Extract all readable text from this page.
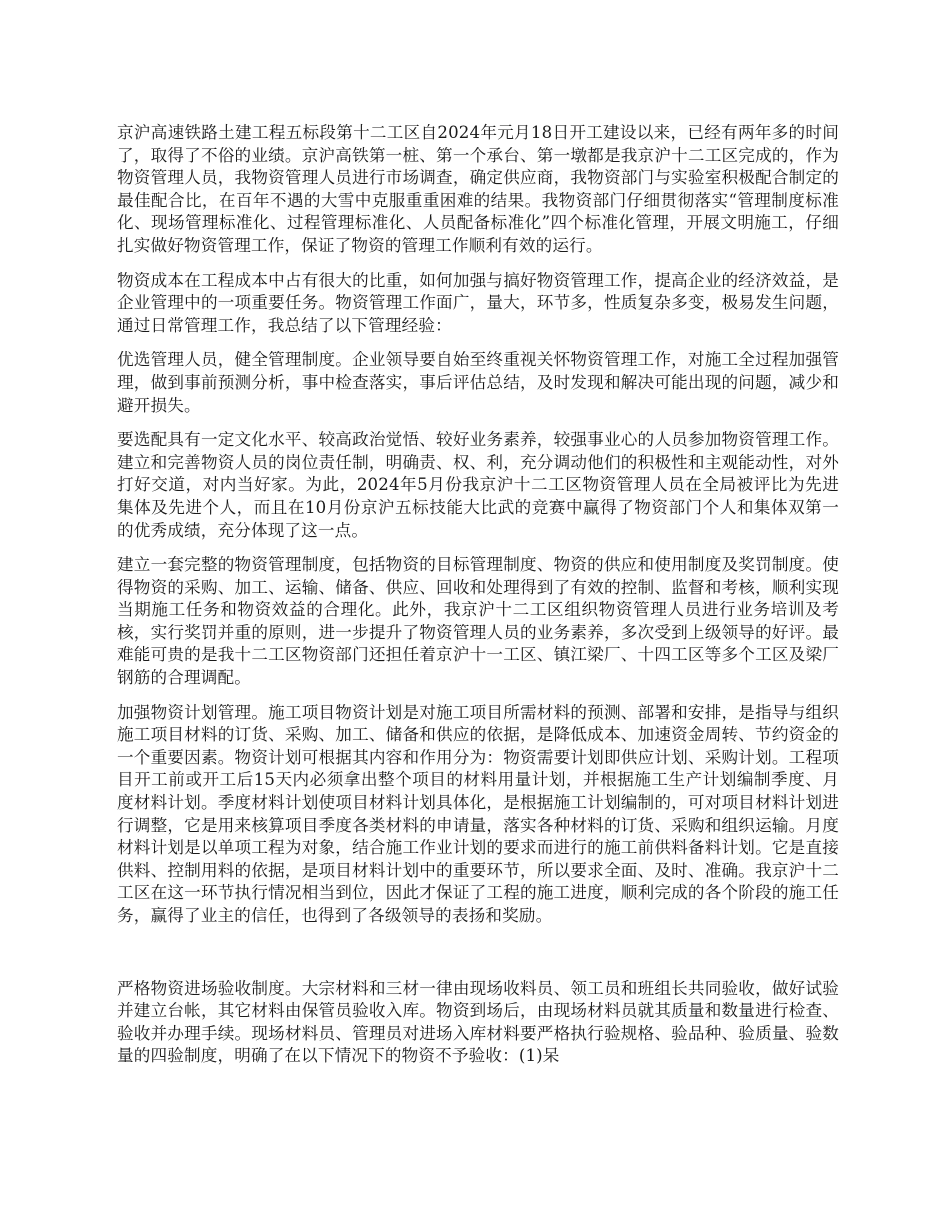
京沪高速铁路土建工程五标段第十二工区自2024年元月18日开工建设以来，已经有两年多的时间了，取得了不俗的业绩。京沪高铁第一桩、第一个承台、第一墩都是我京沪十二工区完成的，作为物资管理人员，我物资管理人员进行市场调查，确定供应商，我物资部门与实验室积极配合制定的最佳配合比，在百年不遇的大雪中克服重重困难的结果。我物资部门仔细贯彻落实“管理制度标准化、现场管理标准化、过程管理标准化、人员配备标准化”四个标准化管理，开展文明施工，仔细扎实做好物资管理工作，保证了物资的管理工作顺利有效的运行。

物资成本在工程成本中占有很大的比重，如何加强与搞好物资管理工作，提高企业的经济效益，是企业管理中的一项重要任务。物资管理工作面广，量大，环节多，性质复杂多变，极易发生问题，通过日常管理工作，我总结了以下管理经验：

优选管理人员，健全管理制度。企业领导要自始至终重视关怀物资管理工作，对施工全过程加强管理，做到事前预测分析，事中检查落实，事后评估总结，及时发现和解决可能出现的问题，减少和避开损失。

要选配具有一定文化水平、较高政治觉悟、较好业务素养，较强事业心的人员参加物资管理工作。建立和完善物资人员的岗位责任制，明确责、权、利，充分调动他们的积极性和主观能动性，对外打好交道，对内当好家。为此，2024年5月份我京沪十二工区物资管理人员在全局被评比为先进集体及先进个人，而且在10月份京沪五标技能大比武的竞赛中赢得了物资部门个人和集体双第一的优秀成绩，充分体现了这一点。

建立一套完整的物资管理制度，包括物资的目标管理制度、物资的供应和使用制度及奖罚制度。使得物资的采购、加工、运输、储备、供应、回收和处理得到了有效的控制、监督和考核，顺利实现当期施工任务和物资效益的合理化。此外，我京沪十二工区组织物资管理人员进行业务培训及考核，实行奖罚并重的原则，进一步提升了物资管理人员的业务素养，多次受到上级领导的好评。最难能可贵的是我十二工区物资部门还担任着京沪十一工区、镇江梁厂、十四工区等多个工区及梁厂钢筋的合理调配。

加强物资计划管理。施工项目物资计划是对施工项目所需材料的预测、部署和安排，是指导与组织施工项目材料的订货、采购、加工、储备和供应的依据，是降低成本、加速资金周转、节约资金的一个重要因素。物资计划可根据其内容和作用分为：物资需要计划即供应计划、采购计划。工程项目开工前或开工后15天内必须拿出整个项目的材料用量计划，并根据施工生产计划编制季度、月度材料计划。季度材料计划使项目材料计划具体化，是根据施工计划编制的，可对项目材料计划进行调整，它是用来核算项目季度各类材料的申请量，落实各种材料的订货、采购和组织运输。月度材料计划是以单项工程为对象，结合施工作业计划的要求而进行的施工前供料备料计划。它是直接供料、控制用料的依据，是项目材料计划中的重要环节，所以要求全面、及时、准确。我京沪十二工区在这一环节执行情况相当到位，因此才保证了工程的施工进度，顺利完成的各个阶段的施工任务，赢得了业主的信任，也得到了各级领导的表扬和奖励。

严格物资进场验收制度。大宗材料和三材一律由现场收料员、领工员和班组长共同验收，做好试验并建立台帐，其它材料由保管员验收入库。物资到场后，由现场材料员就其质量和数量进行检查、验收并办理手续。现场材料员、管理员对进场入库材料要严格执行验规格、验品种、验质量、验数量的四验制度，明确了在以下情况下的物资不予验收：(1)呆
